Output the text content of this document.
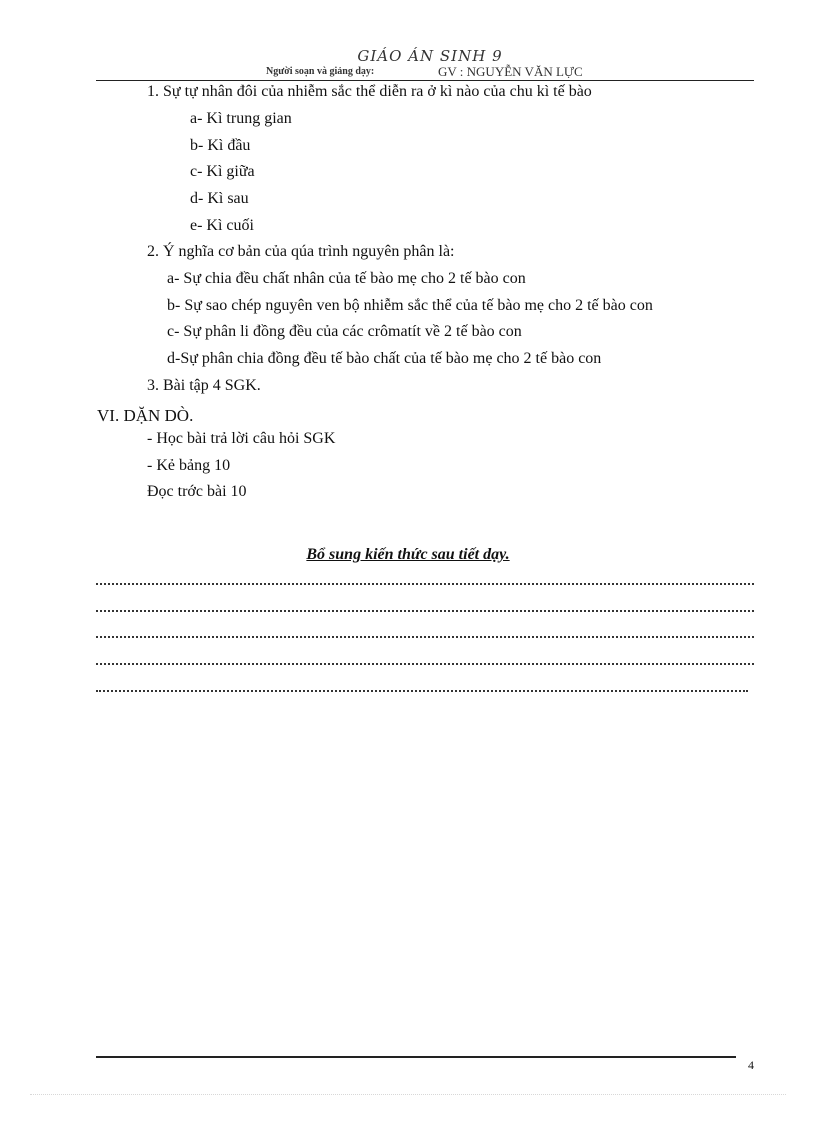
GIÁO ÁN SINH 9
Người soạn và giảng dạy:	GV : NGUYỄN VĂN LỰC
1. Sự tự nhân đôi của nhiễm sắc thể diễn ra ở kì nào của chu kì tế bào
a- Kì trung gian
b- Kì đầu
c- Kì giữa
d- Kì sau
e- Kì cuối
2. Ý nghĩa cơ bản của qúa trình nguyên phân là:
a- Sự chia đều chất nhân của tế bào mẹ cho 2 tế bào con
b- Sự sao chép nguyên ven bộ nhiễm sắc thể của tế bào mẹ cho 2 tế bào con
c- Sự phân li đồng đều của các crômatít về 2 tế bào con
d-Sự phân chia đồng đều tế bào chất của tế bào mẹ cho 2 tế bào con
3. Bài tập 4 SGK.
VI. DẶN DÒ.
- Học bài trả lời câu hỏi SGK
- Kẻ bảng 10
Đọc trớc bài 10
Bổ sung kiến thức sau tiết dạy.
4
